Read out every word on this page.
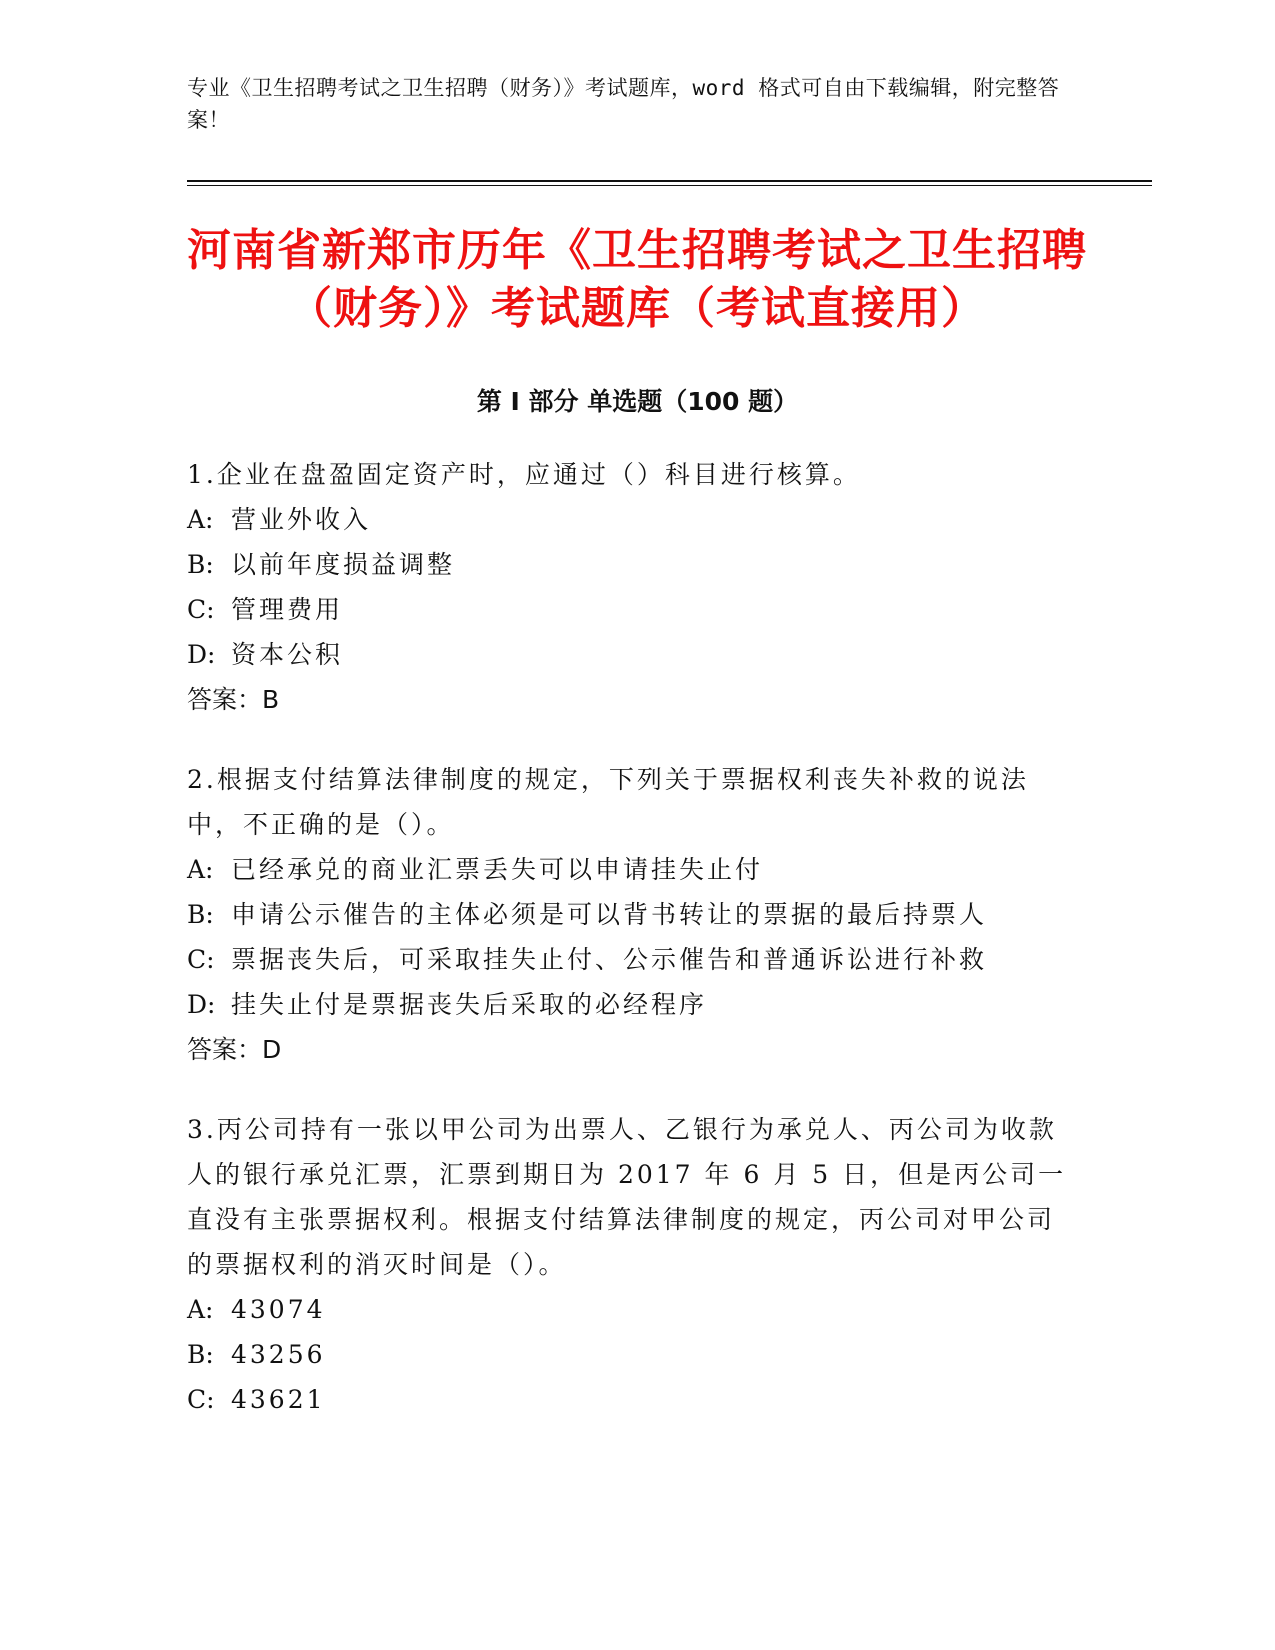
专业《卫生招聘考试之卫生招聘（财务）》考试题库，word 格式可自由下载编辑，附完整答案！
河南省新郑市历年《卫生招聘考试之卫生招聘（财务）》考试题库（考试直接用）
第 I 部分 单选题（100 题）

1.企业在盘盈固定资产时，应通过（）科目进行核算。

A: 营业外收入

B: 以前年度损益调整

C: 管理费用

D: 资本公积

答案：B

2.根据支付结算法律制度的规定，下列关于票据权利丧失补救的说法中，不正确的是（）。

A: 已经承兑的商业汇票丢失可以申请挂失止付

B: 申请公示催告的主体必须是可以背书转让的票据的最后持票人

C: 票据丧失后，可采取挂失止付、公示催告和普通诉讼进行补救

D: 挂失止付是票据丧失后采取的必经程序

答案：D

3.丙公司持有一张以甲公司为出票人、乙银行为承兑人、丙公司为收款人的银行承兑汇票，汇票到期日为 2017 年 6 月 5 日，但是丙公司一直没有主张票据权利。根据支付结算法律制度的规定，丙公司对甲公司的票据权利的消灭时间是（）。

A: 43074

B: 43256

C: 43621
